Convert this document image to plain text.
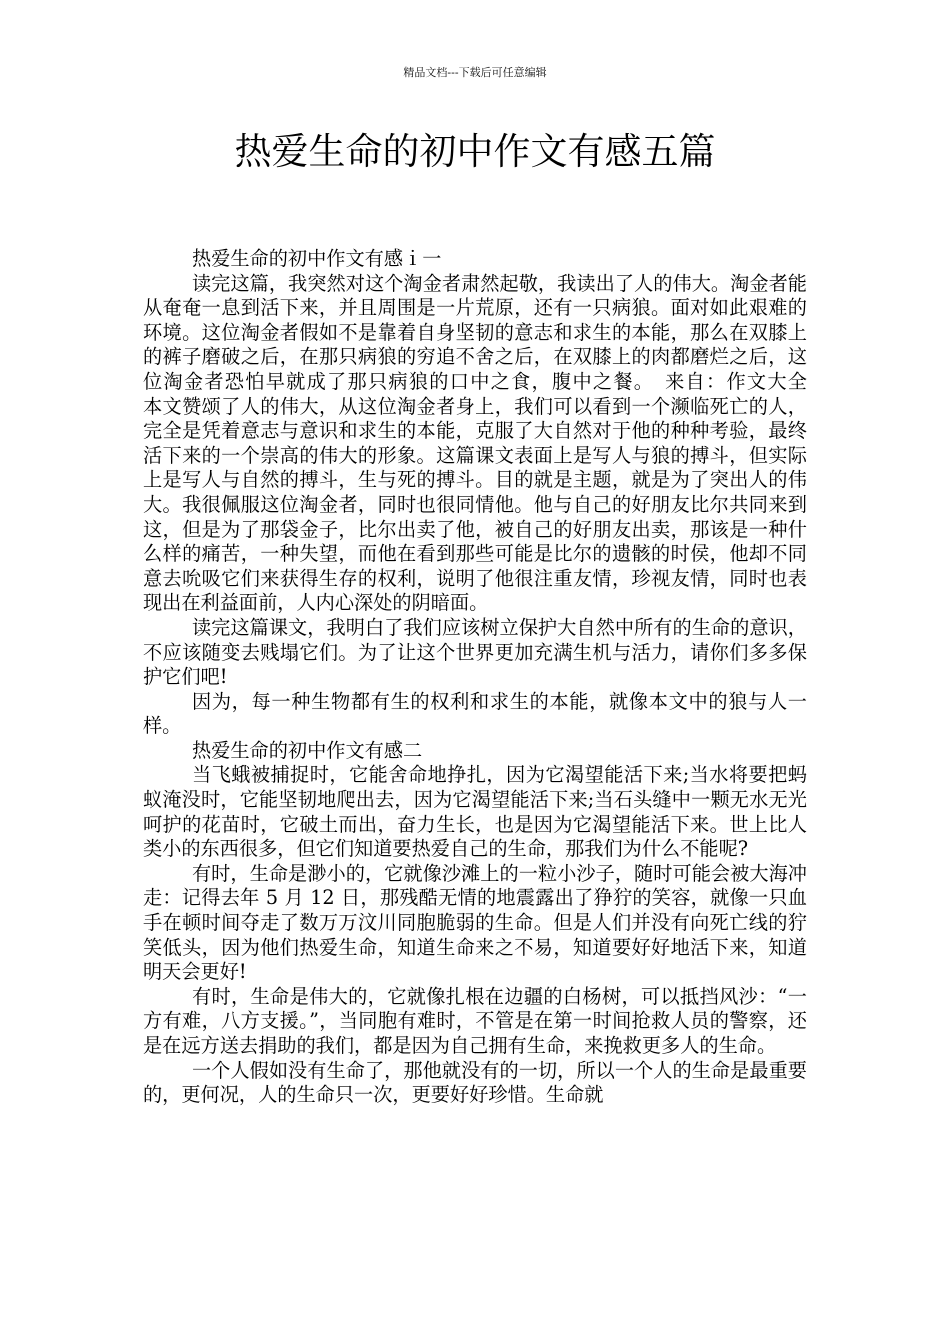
精品文档---下载后可任意编辑
热爱生命的初中作文有感五篇

热爱生命的初中作文有感ｉ一

读完这篇，我突然对这个淘金者肃然起敬，我读出了人的伟大。淘金者能从奄奄一息到活下来，并且周围是一片荒原，还有一只病狼。面对如此艰难的环境。这位淘金者假如不是靠着自身坚韧的意志和求生的本能，那么在双膝上的裤子磨破之后，在那只病狼的穷追不舍之后，在双膝上的肉都磨烂之后，这位淘金者恐怕早就成了那只病狼的口中之食，腹中之餐。　来自：作文大全　　本文赞颂了人的伟大，从这位淘金者身上，我们可以看到一个濒临死亡的人，完全是凭着意志与意识和求生的本能，克服了大自然对于他的种种考验，最终活下来的一个崇高的伟大的形象。这篇课文表面上是写人与狼的搏斗，但实际上是写人与自然的搏斗，生与死的搏斗。目的就是主题，就是为了突出人的伟大。我很佩服这位淘金者，同时也很同情他。他与自己的好朋友比尔共同来到这，但是为了那袋金子，比尔出卖了他，被自己的好朋友出卖，那该是一种什么样的痛苦，一种失望，而他在看到那些可能是比尔的遗骸的时侯，他却不同意去吮吸它们来获得生存的权利，说明了他很注重友情，珍视友情，同时也表现出在利益面前，人内心深处的阴暗面。

读完这篇课文，我明白了我们应该树立保护大自然中所有的生命的意识，不应该随变去贱塌它们。为了让这个世界更加充满生机与活力，请你们多多保护它们吧!

因为，每一种生物都有生的权利和求生的本能，就像本文中的狼与人一样。

热爱生命的初中作文有感二

当飞蛾被捕捉时，它能舍命地挣扎，因为它渴望能活下来;当水将要把蚂蚁淹没时，它能坚韧地爬出去，因为它渴望能活下来;当石头缝中一颗无水无光呵护的花苗时，它破土而出，奋力生长，也是因为它渴望能活下来。世上比人类小的东西很多，但它们知道要热爱自己的生命，那我们为什么不能呢?

有时，生命是渺小的，它就像沙滩上的一粒小沙子，随时可能会被大海冲走：记得去年 5 月 12 日，那残酷无情的地震露出了狰狞的笑容，就像一只血手在顿时间夺走了数万万汶川同胞脆弱的生命。但是人们并没有向死亡线的狞笑低头，因为他们热爱生命，知道生命来之不易，知道要好好地活下来，知道明天会更好!

有时，生命是伟大的，它就像扎根在边疆的白杨树，可以抵挡风沙：“一方有难，八方支援。”，当同胞有难时，不管是在第一时间抢救人员的警察，还是在远方送去捐助的我们，都是因为自己拥有生命，来挽救更多人的生命。

一个人假如没有生命了，那他就没有的一切，所以一个人的生命是最重要的，更何况，人的生命只一次，更要好好珍惜。生命就
